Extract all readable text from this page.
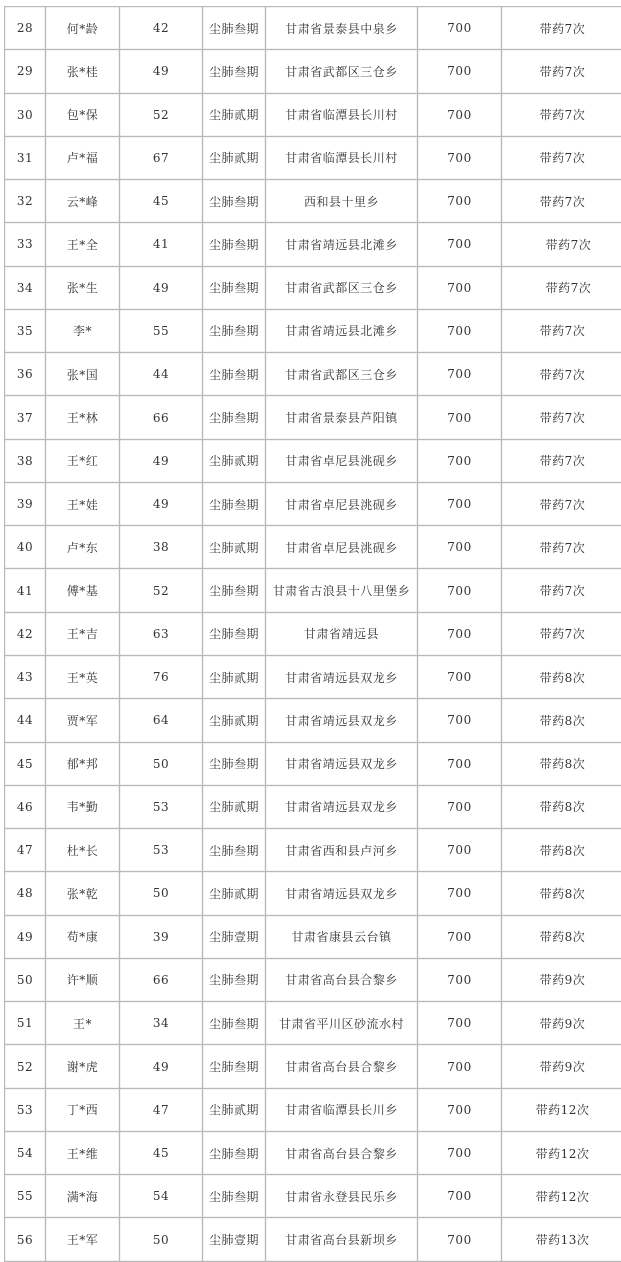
28	何*龄	42	尘肺叁期	甘肃省景泰县中泉乡	700	带药7次
29	张*桂	49	尘肺叁期	甘肃省武都区三仓乡	700	带药7次
30	包*保	52	尘肺贰期	甘肃省临潭县长川村	700	带药7次
31	卢*福	67	尘肺贰期	甘肃省临潭县长川村	700	带药7次
32	云*峰	45	尘肺叁期	西和县十里乡	700	带药7次
33	王*全	41	尘肺叁期	甘肃省靖远县北滩乡	700	带药7次
34	张*生	49	尘肺叁期	甘肃省武都区三仓乡	700	带药7次
35	李*	55	尘肺叁期	甘肃省靖远县北滩乡	700	带药7次
36	张*国	44	尘肺叁期	甘肃省武都区三仓乡	700	带药7次
37	王*林	66	尘肺叁期	甘肃省景泰县芦阳镇	700	带药7次
38	王*红	49	尘肺贰期	甘肃省卓尼县洮砚乡	700	带药7次
39	王*娃	49	尘肺叁期	甘肃省卓尼县洮砚乡	700	带药7次
40	卢*东	38	尘肺贰期	甘肃省卓尼县洮砚乡	700	带药7次
41	傅*基	52	尘肺叁期	甘肃省古浪县十八里堡乡	700	带药7次
42	王*吉	63	尘肺叁期	甘肃省靖远县	700	带药7次
43	王*英	76	尘肺贰期	甘肃省靖远县双龙乡	700	带药8次
44	贾*军	64	尘肺贰期	甘肃省靖远县双龙乡	700	带药8次
45	郁*邦	50	尘肺叁期	甘肃省靖远县双龙乡	700	带药8次
46	韦*勤	53	尘肺贰期	甘肃省靖远县双龙乡	700	带药8次
47	杜*长	53	尘肺叁期	甘肃省西和县卢河乡	700	带药8次
48	张*乾	50	尘肺贰期	甘肃省靖远县双龙乡	700	带药8次
49	苟*康	39	尘肺壹期	甘肃省康县云台镇	700	带药8次
50	许*顺	66	尘肺叁期	甘肃省高台县合黎乡	700	带药9次
51	王*	34	尘肺叁期	甘肃省平川区砂流水村	700	带药9次
52	谢*虎	49	尘肺叁期	甘肃省高台县合黎乡	700	带药9次
53	丁*西	47	尘肺贰期	甘肃省临潭县长川乡	700	带药12次
54	王*维	45	尘肺叁期	甘肃省高台县合黎乡	700	带药12次
55	满*海	54	尘肺叁期	甘肃省永登县民乐乡	700	带药12次
56	王*军	50	尘肺壹期	甘肃省高台县新坝乡	700	带药13次
